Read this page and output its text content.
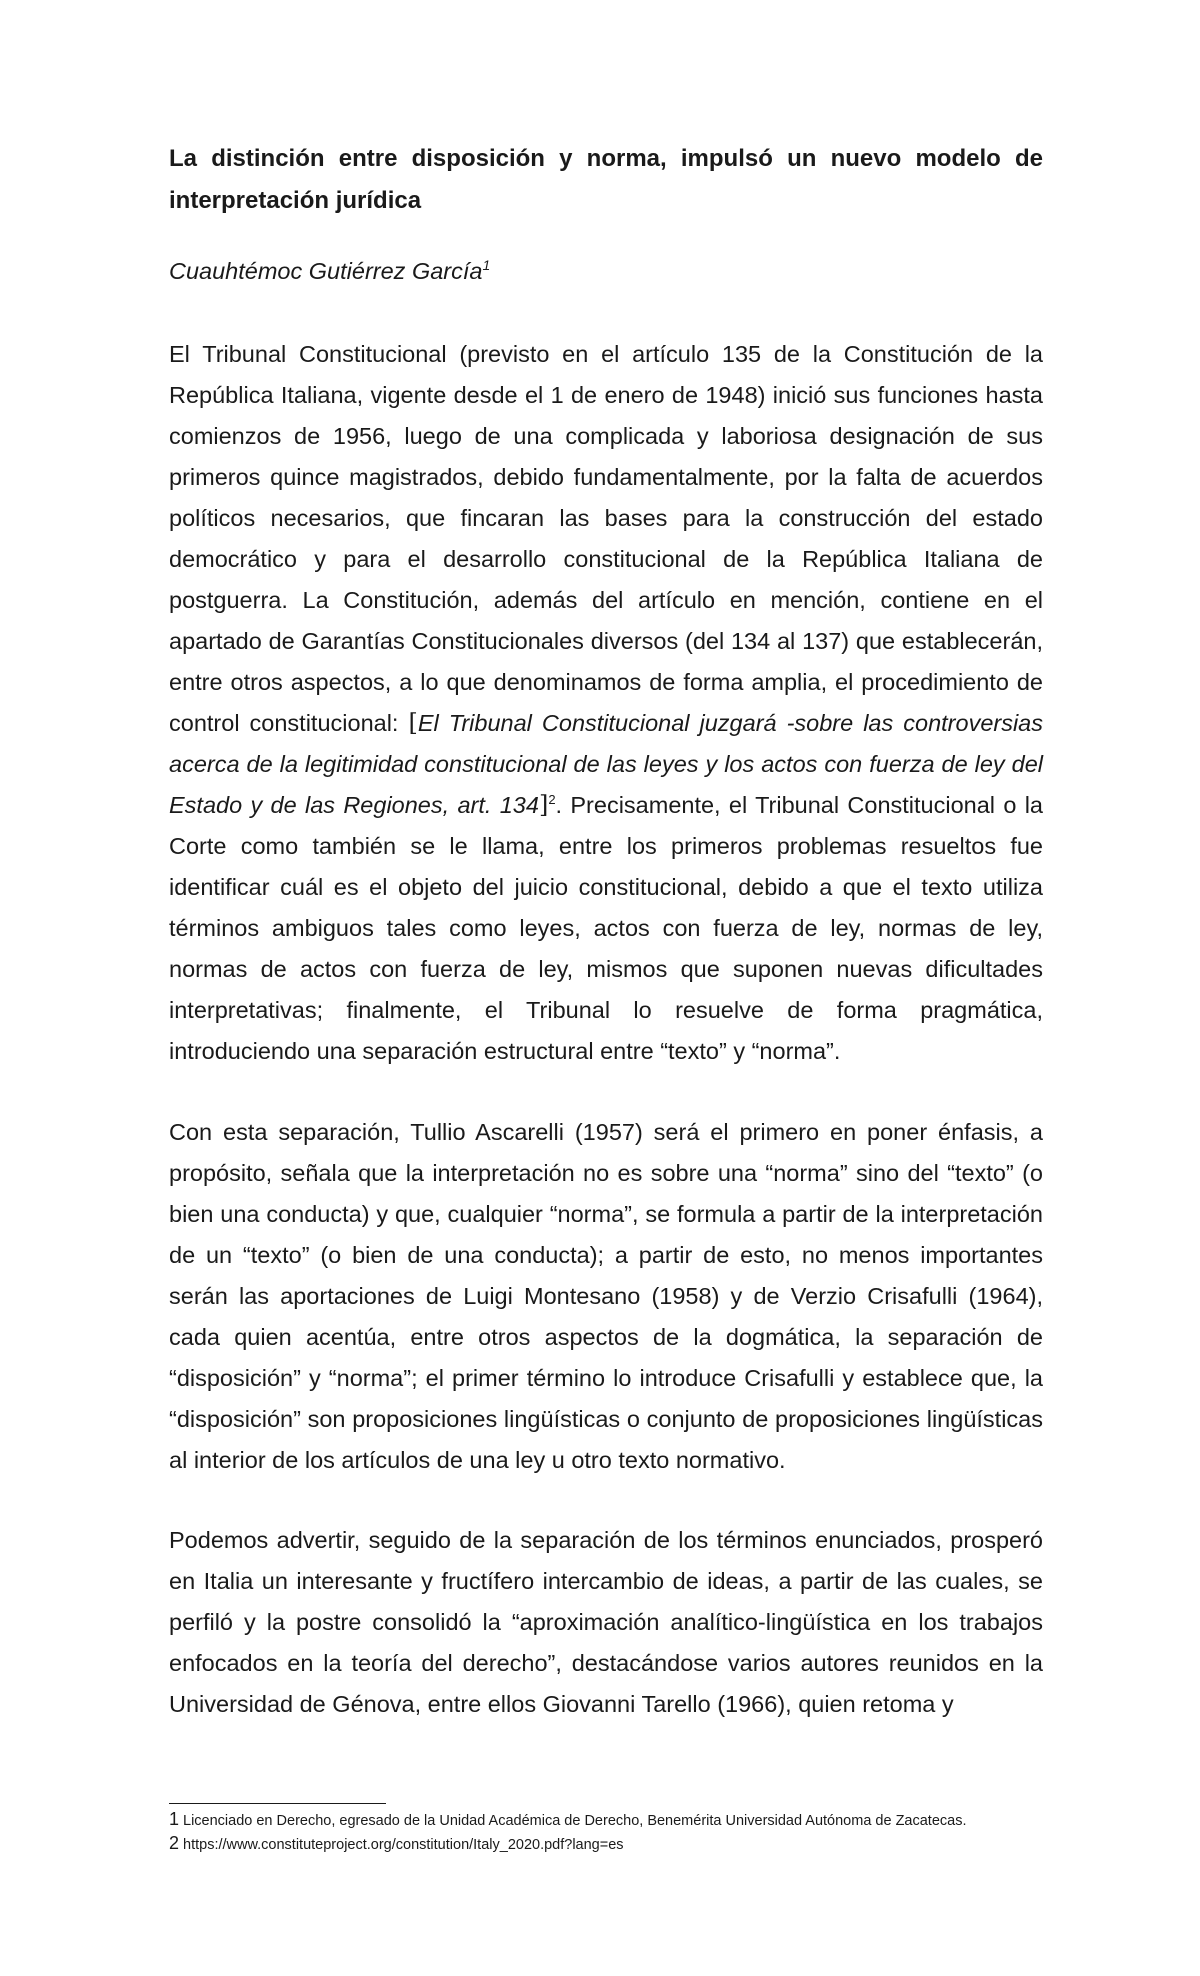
La distinción entre disposición y norma, impulsó un nuevo modelo de interpretación jurídica

Cuauhtémoc Gutiérrez García$^1$

El Tribunal Constitucional (previsto en el artículo 135 de la Constitución de la República Italiana, vigente desde el 1 de enero de 1948) inició sus funciones hasta comienzos de 1956, luego de una complicada y laboriosa designación de sus primeros quince magistrados, debido fundamentalmente, por la falta de acuerdos políticos necesarios, que fincaran las bases para la construcción del estado democrático y para el desarrollo constitucional de la República Italiana de postguerra. La Constitución, además del artículo en mención, contiene en el apartado de Garantías Constitucionales diversos (del 134 al 137) que establecerán, entre otros aspectos, a lo que denominamos de forma amplia, el procedimiento de control constitucional: [El Tribunal Constitucional juzgará -sobre las controversias acerca de la legitimidad constitucional de las leyes y los actos con fuerza de ley del Estado y de las Regiones, art. 134]$^2$. Precisamente, el Tribunal Constitucional o la Corte como también se le llama, entre los primeros problemas resueltos fue identificar cuál es el objeto del juicio constitucional, debido a que el texto utiliza términos ambiguos tales como leyes, actos con fuerza de ley, normas de ley, normas de actos con fuerza de ley, mismos que suponen nuevas dificultades interpretativas; finalmente, el Tribunal lo resuelve de forma pragmática, introduciendo una separación estructural entre “texto” y “norma”.

Con esta separación, Tullio Ascarelli (1957) será el primero en poner énfasis, a propósito, señala que la interpretación no es sobre una “norma” sino del “texto” (o bien una conducta) y que, cualquier “norma”, se formula a partir de la interpretación de un “texto” (o bien de una conducta); a partir de esto, no menos importantes serán las aportaciones de Luigi Montesano (1958) y de Verzio Crisafulli (1964), cada quien acentúa, entre otros aspectos de la dogmática, la separación de “disposición” y “norma”; el primer término lo introduce Crisafulli y establece que, la “disposición” son proposiciones lingüísticas o conjunto de proposiciones lingüísticas al interior de los artículos de una ley u otro texto normativo.

Podemos advertir, seguido de la separación de los términos enunciados, prosperó en Italia un interesante y fructífero intercambio de ideas, a partir de las cuales, se perfiló y la postre consolidó la “aproximación analítico-lingüística en los trabajos enfocados en la teoría del derecho”, destacándose varios autores reunidos en la Universidad de Génova, entre ellos Giovanni Tarello (1966), quien retoma y

1 Licenciado en Derecho, egresado de la Unidad Académica de Derecho, Benemérita Universidad Autónoma de Zacatecas.

2 https://www.constituteproject.org/constitution/Italy_2020.pdf?lang=es
